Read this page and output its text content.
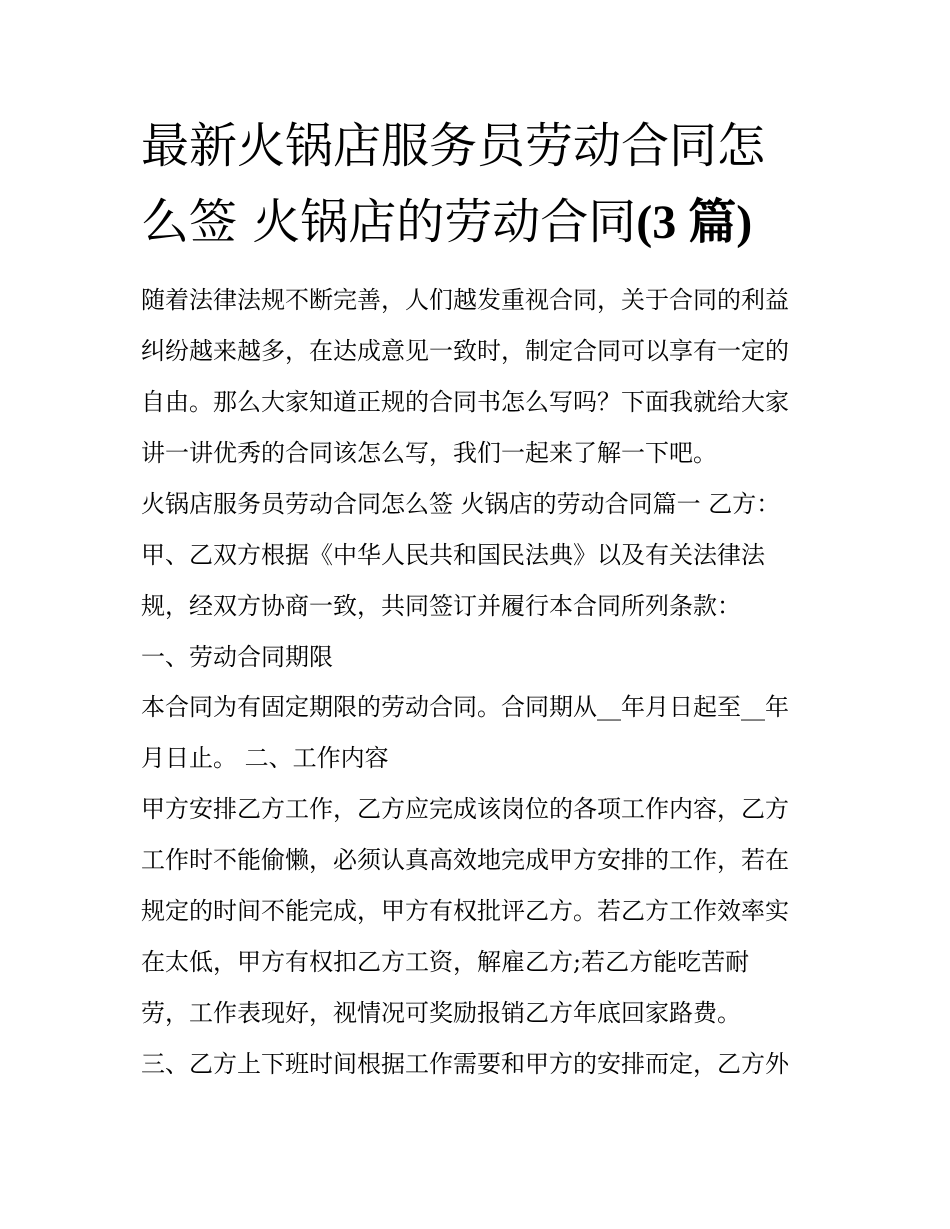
最新火锅店服务员劳动合同怎
么签 火锅店的劳动合同(3 篇)
随着法律法规不断完善，人们越发重视合同，关于合同的利益
纠纷越来越多，在达成意见一致时，制定合同可以享有一定的
自由。那么大家知道正规的合同书怎么写吗？下面我就给大家
讲一讲优秀的合同该怎么写，我们一起来了解一下吧。
火锅店服务员劳动合同怎么签 火锅店的劳动合同篇一 乙方：
甲、乙双方根据《中华人民共和国民法典》以及有关法律法
规，经双方协商一致，共同签订并履行本合同所列条款：
一、劳动合同期限
本合同为有固定期限的劳动合同。合同期从__年月日起至__年
月日止。 二、工作内容
甲方安排乙方工作，乙方应完成该岗位的各项工作内容，乙方
工作时不能偷懒，必须认真高效地完成甲方安排的工作，若在
规定的时间不能完成，甲方有权批评乙方。若乙方工作效率实
在太低，甲方有权扣乙方工资，解雇乙方;若乙方能吃苦耐
劳，工作表现好，视情况可奖励报销乙方年底回家路费。
三、乙方上下班时间根据工作需要和甲方的安排而定，乙方外
